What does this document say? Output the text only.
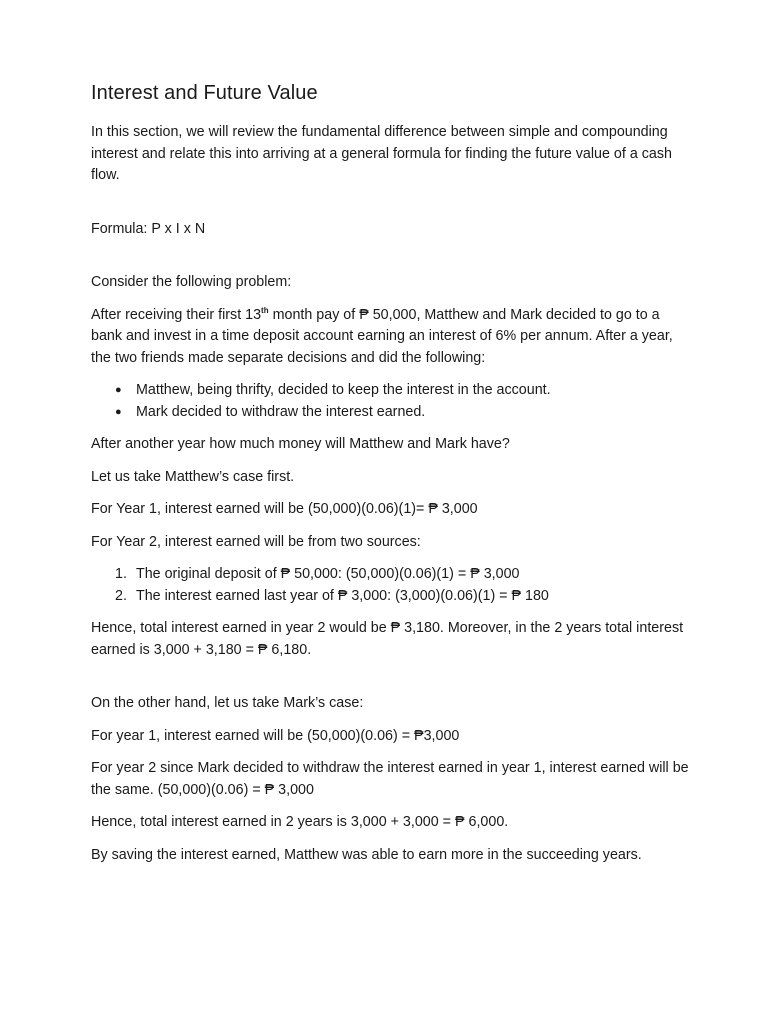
Interest and Future Value

In this section, we will review the fundamental difference between simple and compounding interest and relate this into arriving at a general formula for finding the future value of a cash flow.

Formula: P x I x N

Consider the following problem:

After receiving their first 13th month pay of ₱ 50,000, Matthew and Mark decided to go to a bank and invest in a time deposit account earning an interest of 6% per annum. After a year, the two friends made separate decisions and did the following:

● Matthew, being thrifty, decided to keep the interest in the account.
● Mark decided to withdraw the interest earned.

After another year how much money will Matthew and Mark have?

Let us take Matthew’s case first.

For Year 1, interest earned will be (50,000)(0.06)(1)= ₱ 3,000

For Year 2, interest earned will be from two sources:

1. The original deposit of ₱ 50,000: (50,000)(0.06)(1) = ₱ 3,000
2. The interest earned last year of ₱ 3,000: (3,000)(0.06)(1) = ₱ 180

Hence, total interest earned in year 2 would be ₱ 3,180. Moreover, in the 2 years total interest earned is 3,000 + 3,180 = ₱ 6,180.

On the other hand, let us take Mark’s case:

For year 1, interest earned will be (50,000)(0.06) = ₱3,000

For year 2 since Mark decided to withdraw the interest earned in year 1, interest earned will be the same. (50,000)(0.06) = ₱ 3,000

Hence, total interest earned in 2 years is 3,000 + 3,000 = ₱ 6,000.

By saving the interest earned, Matthew was able to earn more in the succeeding years.
